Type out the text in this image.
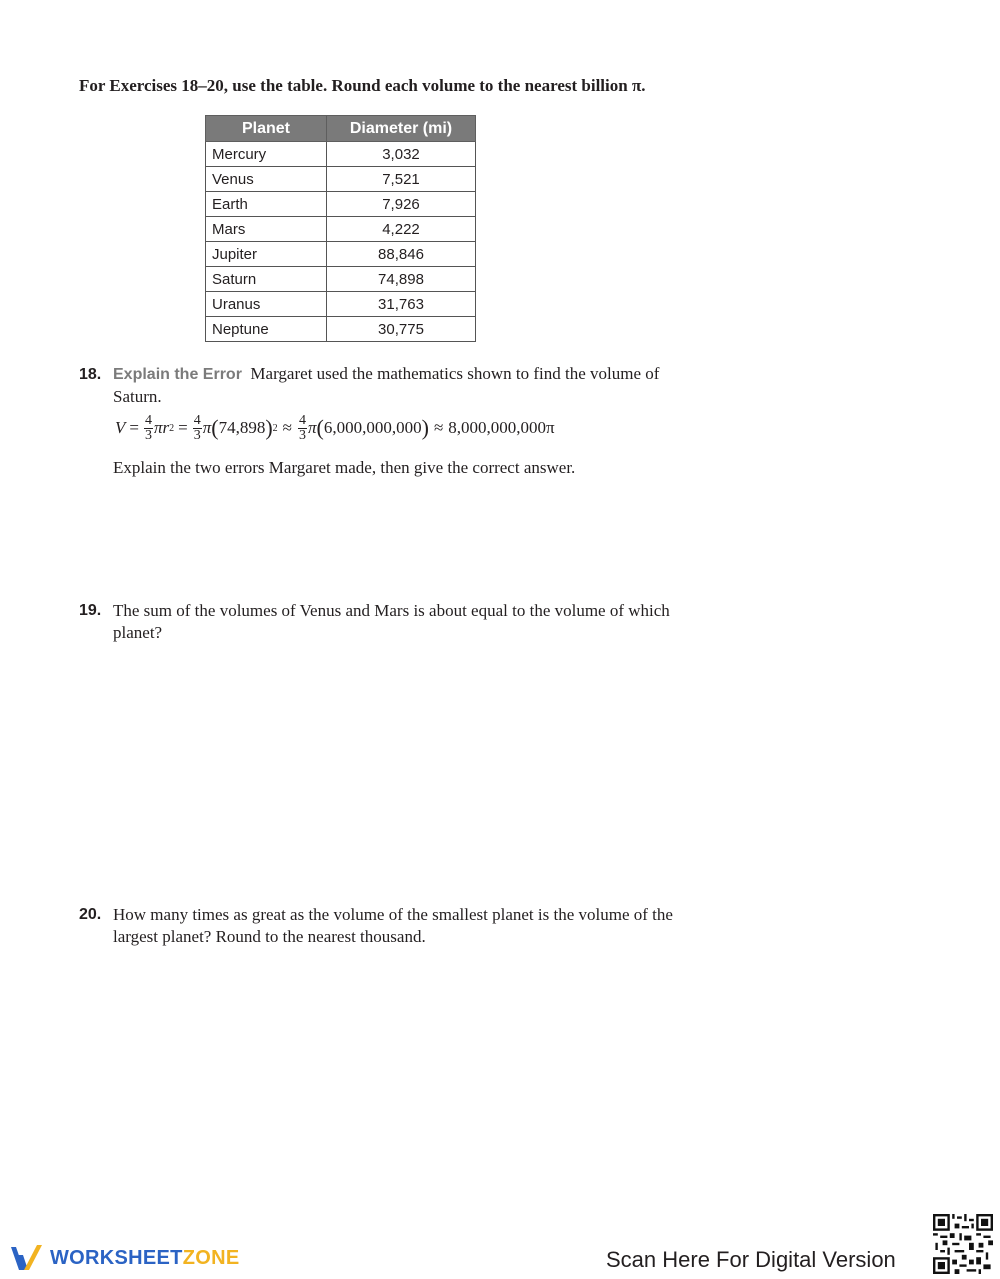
For Exercises 18–20, use the table. Round each volume to the nearest billion π.
Planet	Diameter (mi)
Mercury	3,032
Venus	7,521
Earth	7,926
Mars	4,222
Jupiter	88,846
Saturn	74,898
Uranus	31,763
Neptune	30,775
18. Explain the Error Margaret used the mathematics shown to find the volume of Saturn.
$V = \frac{4}{3}$ πr $2 = \frac{4}{3}$ π ( 74,898 ) $2 \approx \frac{4}{3}$ π ( 6,000,000,000 ) ≈ 8,000,000,000π
Explain the two errors Margaret made, then give the correct answer.
19. The sum of the volumes of Venus and Mars is about equal to the volume of which planet?
20. How many times as great as the volume of the smallest planet is the volume of the largest planet? Round to the nearest thousand.
WORKSHEETZONE	Scan Here For Digital Version
